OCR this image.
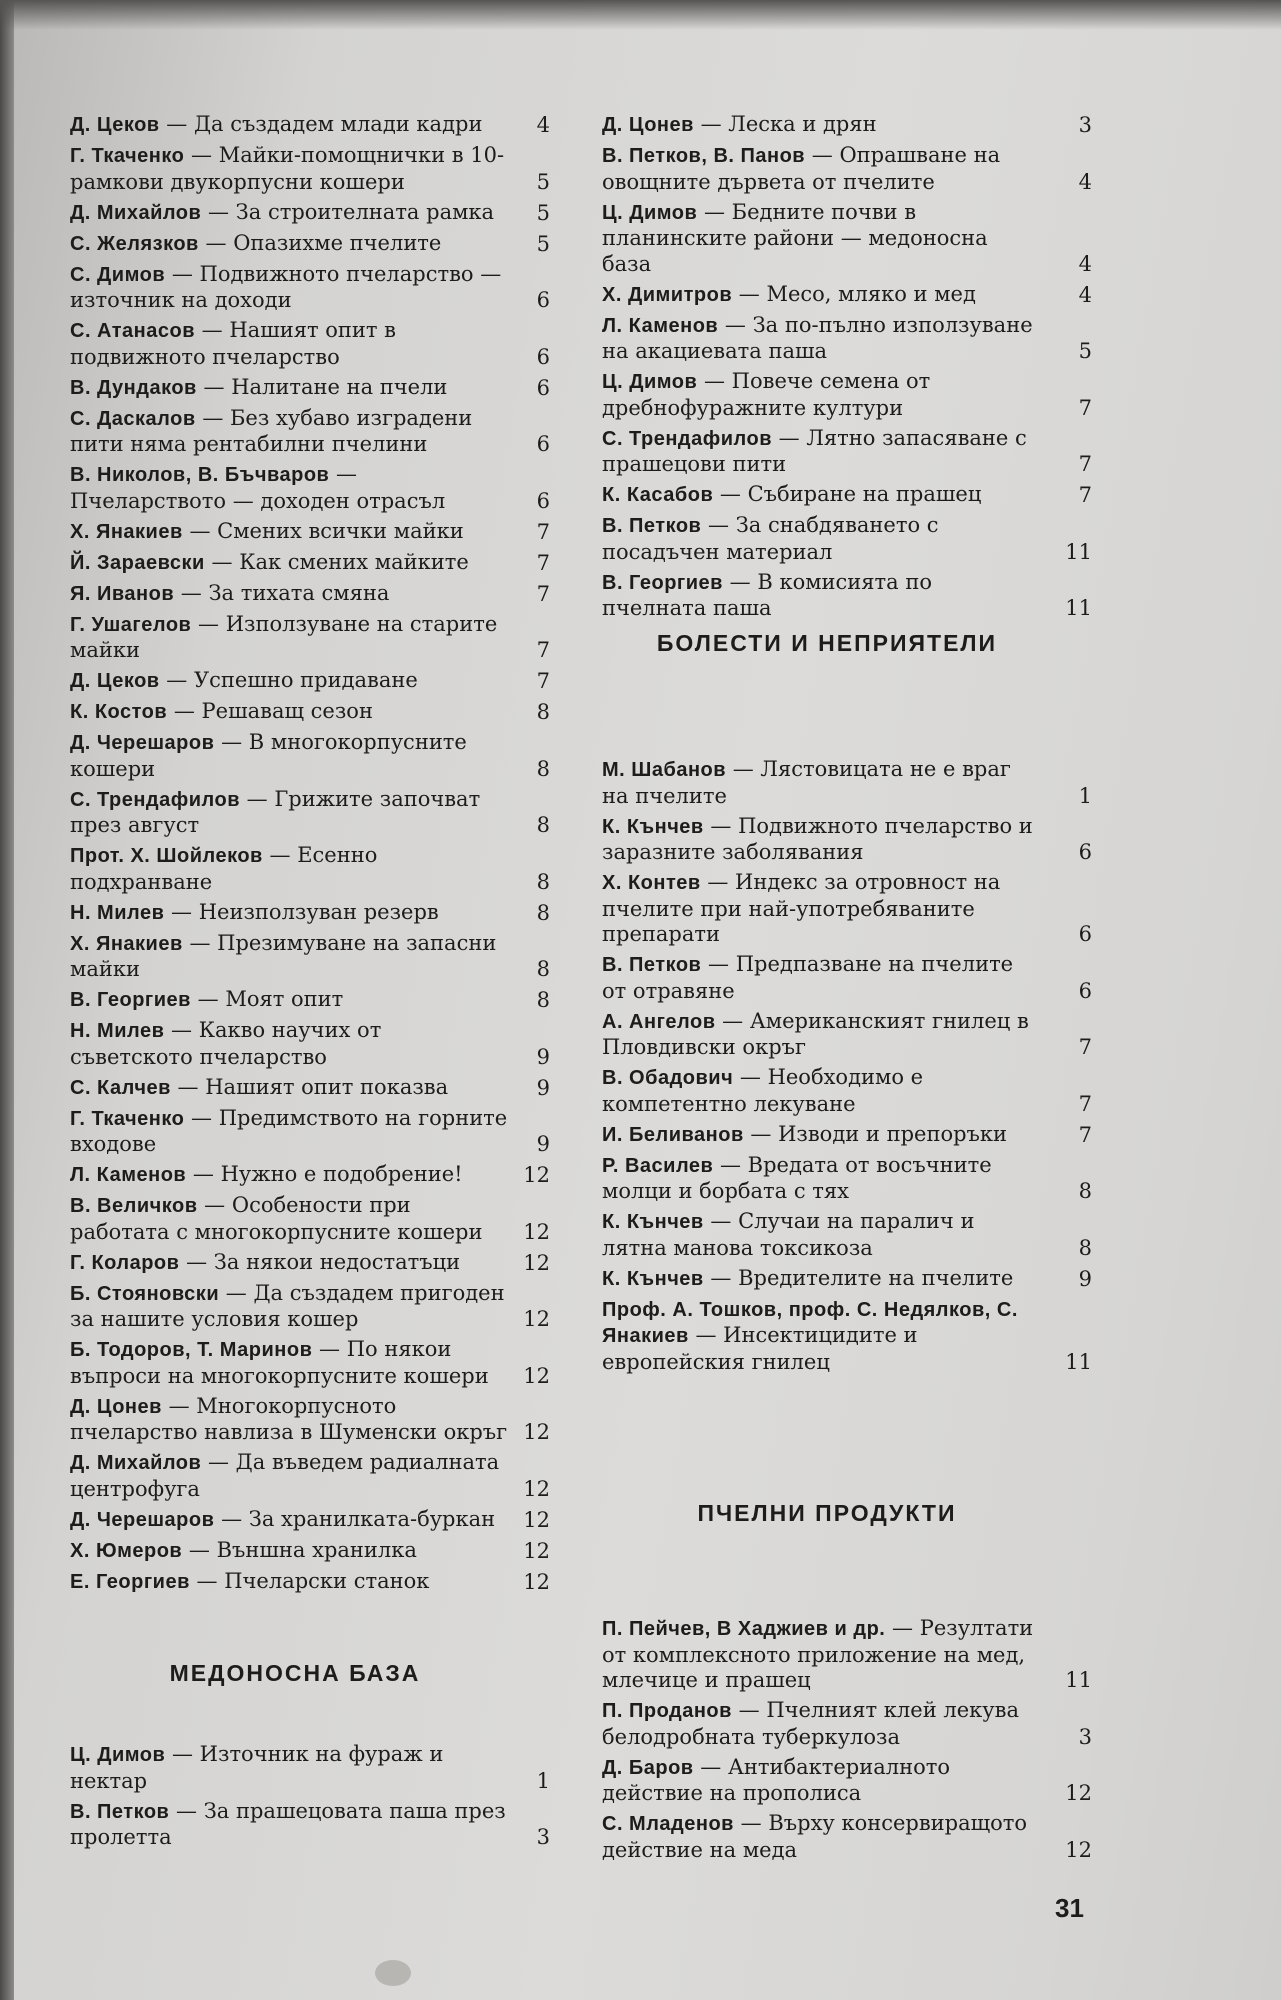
Д. Цеков — Да създадем млади кадри	4
Г. Ткаченко — Майки-помощнички в 10-рамкови двукорпусни кошери	5
Д. Михайлов — За строителната рамка	5
С. Желязков — Опазихме пчелите	5
С. Димов — Подвижното пчеларство — източник на доходи	6
С. Атанасов — Нашият опит в подвижното пчеларство	6
В. Дундаков — Налитане на пчели	6
С. Даскалов — Без хубаво изградени пити няма рентабилни пчелини	6
В. Николов, В. Бъчваров — Пчеларството — доходен отрасъл	6
Х. Янакиев — Смених всички майки	7
Й. Зараевски — Как смених майките	7
Я. Иванов — За тихата смяна	7
Г. Ушагелов — Използуване на старите майки	7
Д. Цеков — Успешно придаване	7
К. Костов — Решаващ сезон	8
Д. Черешаров — В многокорпусните кошери	8
С. Трендафилов — Грижите започват през август	8
Прот. Х. Шойлеков — Есенно подхранване	8
Н. Милев — Неизползуван резерв	8
Х. Янакиев — Презимуване на запасни майки	8
В. Георгиев — Моят опит	8
Н. Милев — Какво научих от съветското пчеларство	9
С. Калчев — Нашият опит показва	9
Г. Ткаченко — Предимството на горните входове	9
Л. Каменов — Нужно е подобрение!	12
В. Величков — Особености при работата с многокорпусните кошери	12
Г. Коларов — За някои недостатъци	12
Б. Стояновски — Да създадем пригоден за нашите условия кошер	12
Б. Тодоров, Т. Маринов — По някои въпроси на многокорпусните кошери	12
Д. Цонев — Многокорпусното пчеларство навлиза в Шуменски окръг 12
Д. Михайлов — Да въведем радиалната центрофуга	12
Д. Черешаров — За хранилката-буркан	12
Х. Юмеров — Външна хранилка	12
Е. Георгиев — Пчеларски станок	12
МЕДОНОСНА БАЗА
Ц. Димов — Източник на фураж и нектар	1
В. Петков — За прашецовата паша през пролетта	3
Д. Цонев — Леска и дрян	3
В. Петков, В. Панов — Опрашване на овощните дървета от пчелите	4
Ц. Димов — Бедните почви в планинските райони — медоносна база	4
Х. Димитров — Месо, мляко и мед	4
Л. Каменов — За по-пълно използуване на акациевата паша	5
Ц. Димов — Повече семена от дребнофуражните култури	7
С. Трендафилов — Лятно запасяване с прашецови пити	7
К. Касабов — Събиране на прашец	7
В. Петков — За снабдяването с посадъчен материал	11
В. Георгиев — В комисията по пчелната паша	11
БОЛЕСТИ И НЕПРИЯТЕЛИ
М. Шабанов — Лястовицата не е враг на пчелите	1
К. Кънчев — Подвижното пчеларство и заразните заболявания	6
Х. Контев — Индекс за отровност на пчелите при най-употребяваните препарати	6
В. Петков — Предпазване на пчелите от отравяне	6
А. Ангелов — Американският гнилец в Пловдивски окръг	7
В. Обадович — Необходимо е компетентно лекуване	7
И. Беливанов — Изводи и препоръки	7
Р. Василев — Вредата от восъчните молци и борбата с тях	8
К. Кънчев — Случаи на паралич и лятна манова токсикоза	8
К. Кънчев — Вредителите на пчелите	9
Проф. А. Тошков, проф. С. Недялков, С. Янакиев — Инсектицидите и европейския гнилец	11
ПЧЕЛНИ ПРОДУКТИ
П. Пейчев, В Хаджиев и др. — Резултати от комплексното прилoжение на мед, млечице и прашец	11
П. Проданов — Пчелният клей лекува белодробната туберкулоза	3
Д. Баров — Антибактериалното действие на прополиса	12
С. Младенов — Върху консервиращото действие на меда	12
31
